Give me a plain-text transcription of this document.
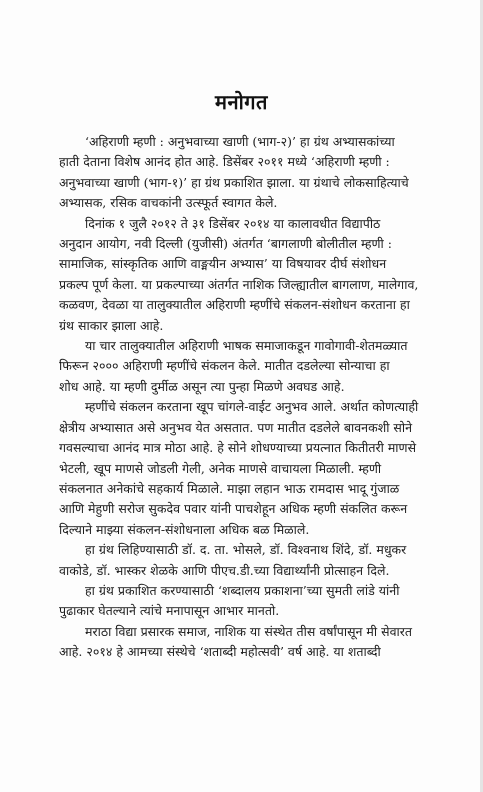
मनोगत
‘अहिराणी म्हणी : अनुभवाच्या खाणी (भाग-२)’ हा ग्रंथ अभ्यासकांच्या
हाती देताना विशेष आनंद होत आहे. डिसेंबर २०११ मध्ये ‘अहिराणी म्हणी :
अनुभवाच्या खाणी (भाग-१)’ हा ग्रंथ प्रकाशित झाला. या ग्रंथाचे लोकसाहित्याचे
अभ्यासक, रसिक वाचकांनी उत्स्फूर्त स्वागत केले.
दिनांक १ जुलै २०१२ ते ३१ डिसेंबर २०१४ या कालावधीत विद्यापीठ
अनुदान आयोग, नवी दिल्ली (युजीसी) अंतर्गत ‘बागलाणी बोलीतील म्हणी :
सामाजिक, सांस्कृतिक आणि वाङ्मयीन अभ्यास’ या विषयावर दीर्घ संशोधन
प्रकल्प पूर्ण केला. या प्रकल्पाच्या अंतर्गत नाशिक जिल्ह्यातील बागलाण, मालेगाव,
कळवण, देवळा या तालुक्यातील अहिराणी म्हणींचे संकलन-संशोधन करताना हा
ग्रंथ साकार झाला आहे.
या चार तालुक्यातील अहिराणी भाषक समाजाकडून गावोगावी-शेतमळ्यात
फिरून २००० अहिराणी म्हणींचे संकलन केले. मातीत दडलेल्या सोन्याचा हा
शोध आहे. या म्हणी दुर्मीळ असून त्या पुन्हा मिळणे अवघड आहे.
म्हणींचे संकलन करताना खूप चांगले-वाईट अनुभव आले. अर्थात कोणत्याही
क्षेत्रीय अभ्यासात असे अनुभव येत असतात. पण मातीत दडलेले बावनकशी सोने
गवसल्याचा आनंद मात्र मोठा आहे. हे सोने शोधण्याच्या प्रयत्नात कितीतरी माणसे
भेटली, खूप माणसे जोडली गेली, अनेक माणसे वाचायला मिळाली. म्हणी
संकलनात अनेकांचे सहकार्य मिळाले. माझा लहान भाऊ रामदास भादू गुंजाळ
आणि मेहुणी सरोज सुकदेव पवार यांनी पाचशेहून अधिक म्हणी संकलित करून
दिल्याने माझ्या संकलन-संशोधनाला अधिक बळ मिळाले.
हा ग्रंथ लिहिण्यासाठी डॉ. द. ता. भोसले, डॉ. विश्वनाथ शिंदे, डॉ. मधुकर
वाकोडे, डॉ. भास्कर शेळके आणि पीएच.डी.च्या विद्यार्थ्यांनी प्रोत्साहन दिले.
हा ग्रंथ प्रकाशित करण्यासाठी ‘शब्दालय प्रकाशना’च्या सुमती लांडे यांनी
पुढाकार घेतल्याने त्यांचे मनापासून आभार मानतो.
मराठा विद्या प्रसारक समाज, नाशिक या संस्थेत तीस वर्षांपासून मी सेवारत
आहे. २०१४ हे आमच्या संस्थेचे ‘शताब्दी महोत्सवी’ वर्ष आहे. या शताब्दी
